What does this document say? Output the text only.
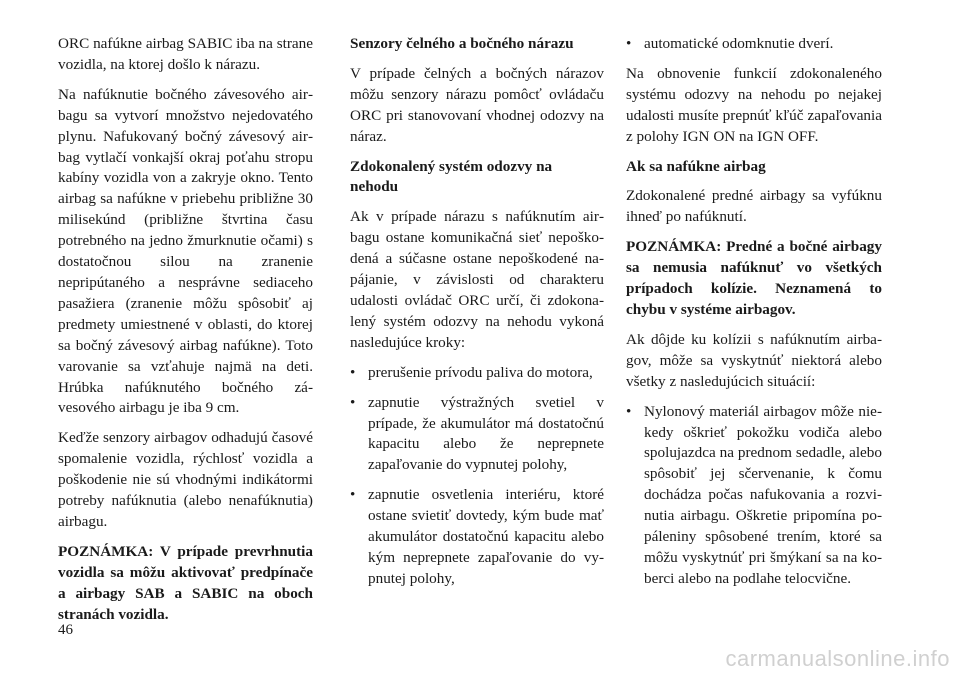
ORC nafúkne airbag SABIC iba na strane vozidla, na ktorej došlo k nárazu.

Na nafúknutie bočného závesového airbagu sa vytvorí množstvo nejedovatého plynu. Nafukovaný bočný závesový airbag vytlačí vonkajší okraj poťahu stropu kabíny vozidla von a zakryje okno. Tento airbag sa nafúkne v priebehu približne 30 milisekúnd (približne štvrtina času potrebného na jedno žmurknutie očami) s dostatočnou silou na zranenie nepripútaného a nesprávne sediaceho pasažiera (zranenie môžu spôsobiť aj predmety umiestnené v oblasti, do ktorej sa bočný závesový airbag nafúkne). Toto varovanie sa vzťahuje najmä na deti. Hrúbka nafúknutého bočného závesového airbagu je iba 9 cm.

Keďže senzory airbagov odhadujú časové spomalenie vozidla, rýchlosť vozidla a poškodenie nie sú vhodnými indikátormi potreby nafúknutia (alebo nenafúknutia) airbagu.

POZNÁMKA: V prípade prevrhnutia vozidla sa môžu aktivovať predpínače a airbagy SAB a SABIC na oboch stranách vozidla.

Senzory čelného a bočného nárazu

V prípade čelných a bočných nárazov môžu senzory nárazu pomôcť ovládaču ORC pri stanovovaní vhodnej odozvy na náraz.

Zdokonalený systém odozvy na nehodu

Ak v prípade nárazu s nafúknutím airbagu ostane komunikačná sieť nepoškodená a súčasne ostane nepoškodené napájanie, v závislosti od charakteru udalosti ovládač ORC určí, či zdokonalený systém odozvy na nehodu vykoná nasledujúce kroky:

• prerušenie prívodu paliva do motora,
• zapnutie výstražných svetiel v prípade, že akumulátor má dostatočnú kapacitu alebo že neprepnete zapaľovanie do vypnutej polohy,
• zapnutie osvetlenia interiéru, ktoré ostane svietiť dovtedy, kým bude mať akumulátor dostatočnú kapacitu alebo kým neprepnete zapaľovanie do vypnutej polohy,
• automatické odomknutie dverí.

Na obnovenie funkcií zdokonaleného systému odozvy na nehodu po nejakej udalosti musíte prepnúť kľúč zapaľovania z polohy IGN ON na IGN OFF.

Ak sa nafúkne airbag

Zdokonalené predné airbagy sa vyfúknu ihneď po nafúknutí.

POZNÁMKA: Predné a bočné airbagy sa nemusia nafúknuť vo všetkých prípadoch kolízie. Neznamená to chybu v systéme airbagov.

Ak dôjde ku kolízii s nafúknutím airbagov, môže sa vyskytnúť niektorá alebo všetky z nasledujúcich situácií:

• Nylonový materiál airbagov môže niekedy oškrieť pokožku vodiča alebo spolujazdca na prednom sedadle, alebo spôsobiť jej sčervenanie, k čomu dochádza počas nafukovania a rozvinutia airbagu. Oškretie pripomína popáleniny spôsobené trením, ktoré sa môžu vyskytnúť pri šmýkaní sa na koberci alebo na podlahe telocvične.
46
carmanualsonline.info
